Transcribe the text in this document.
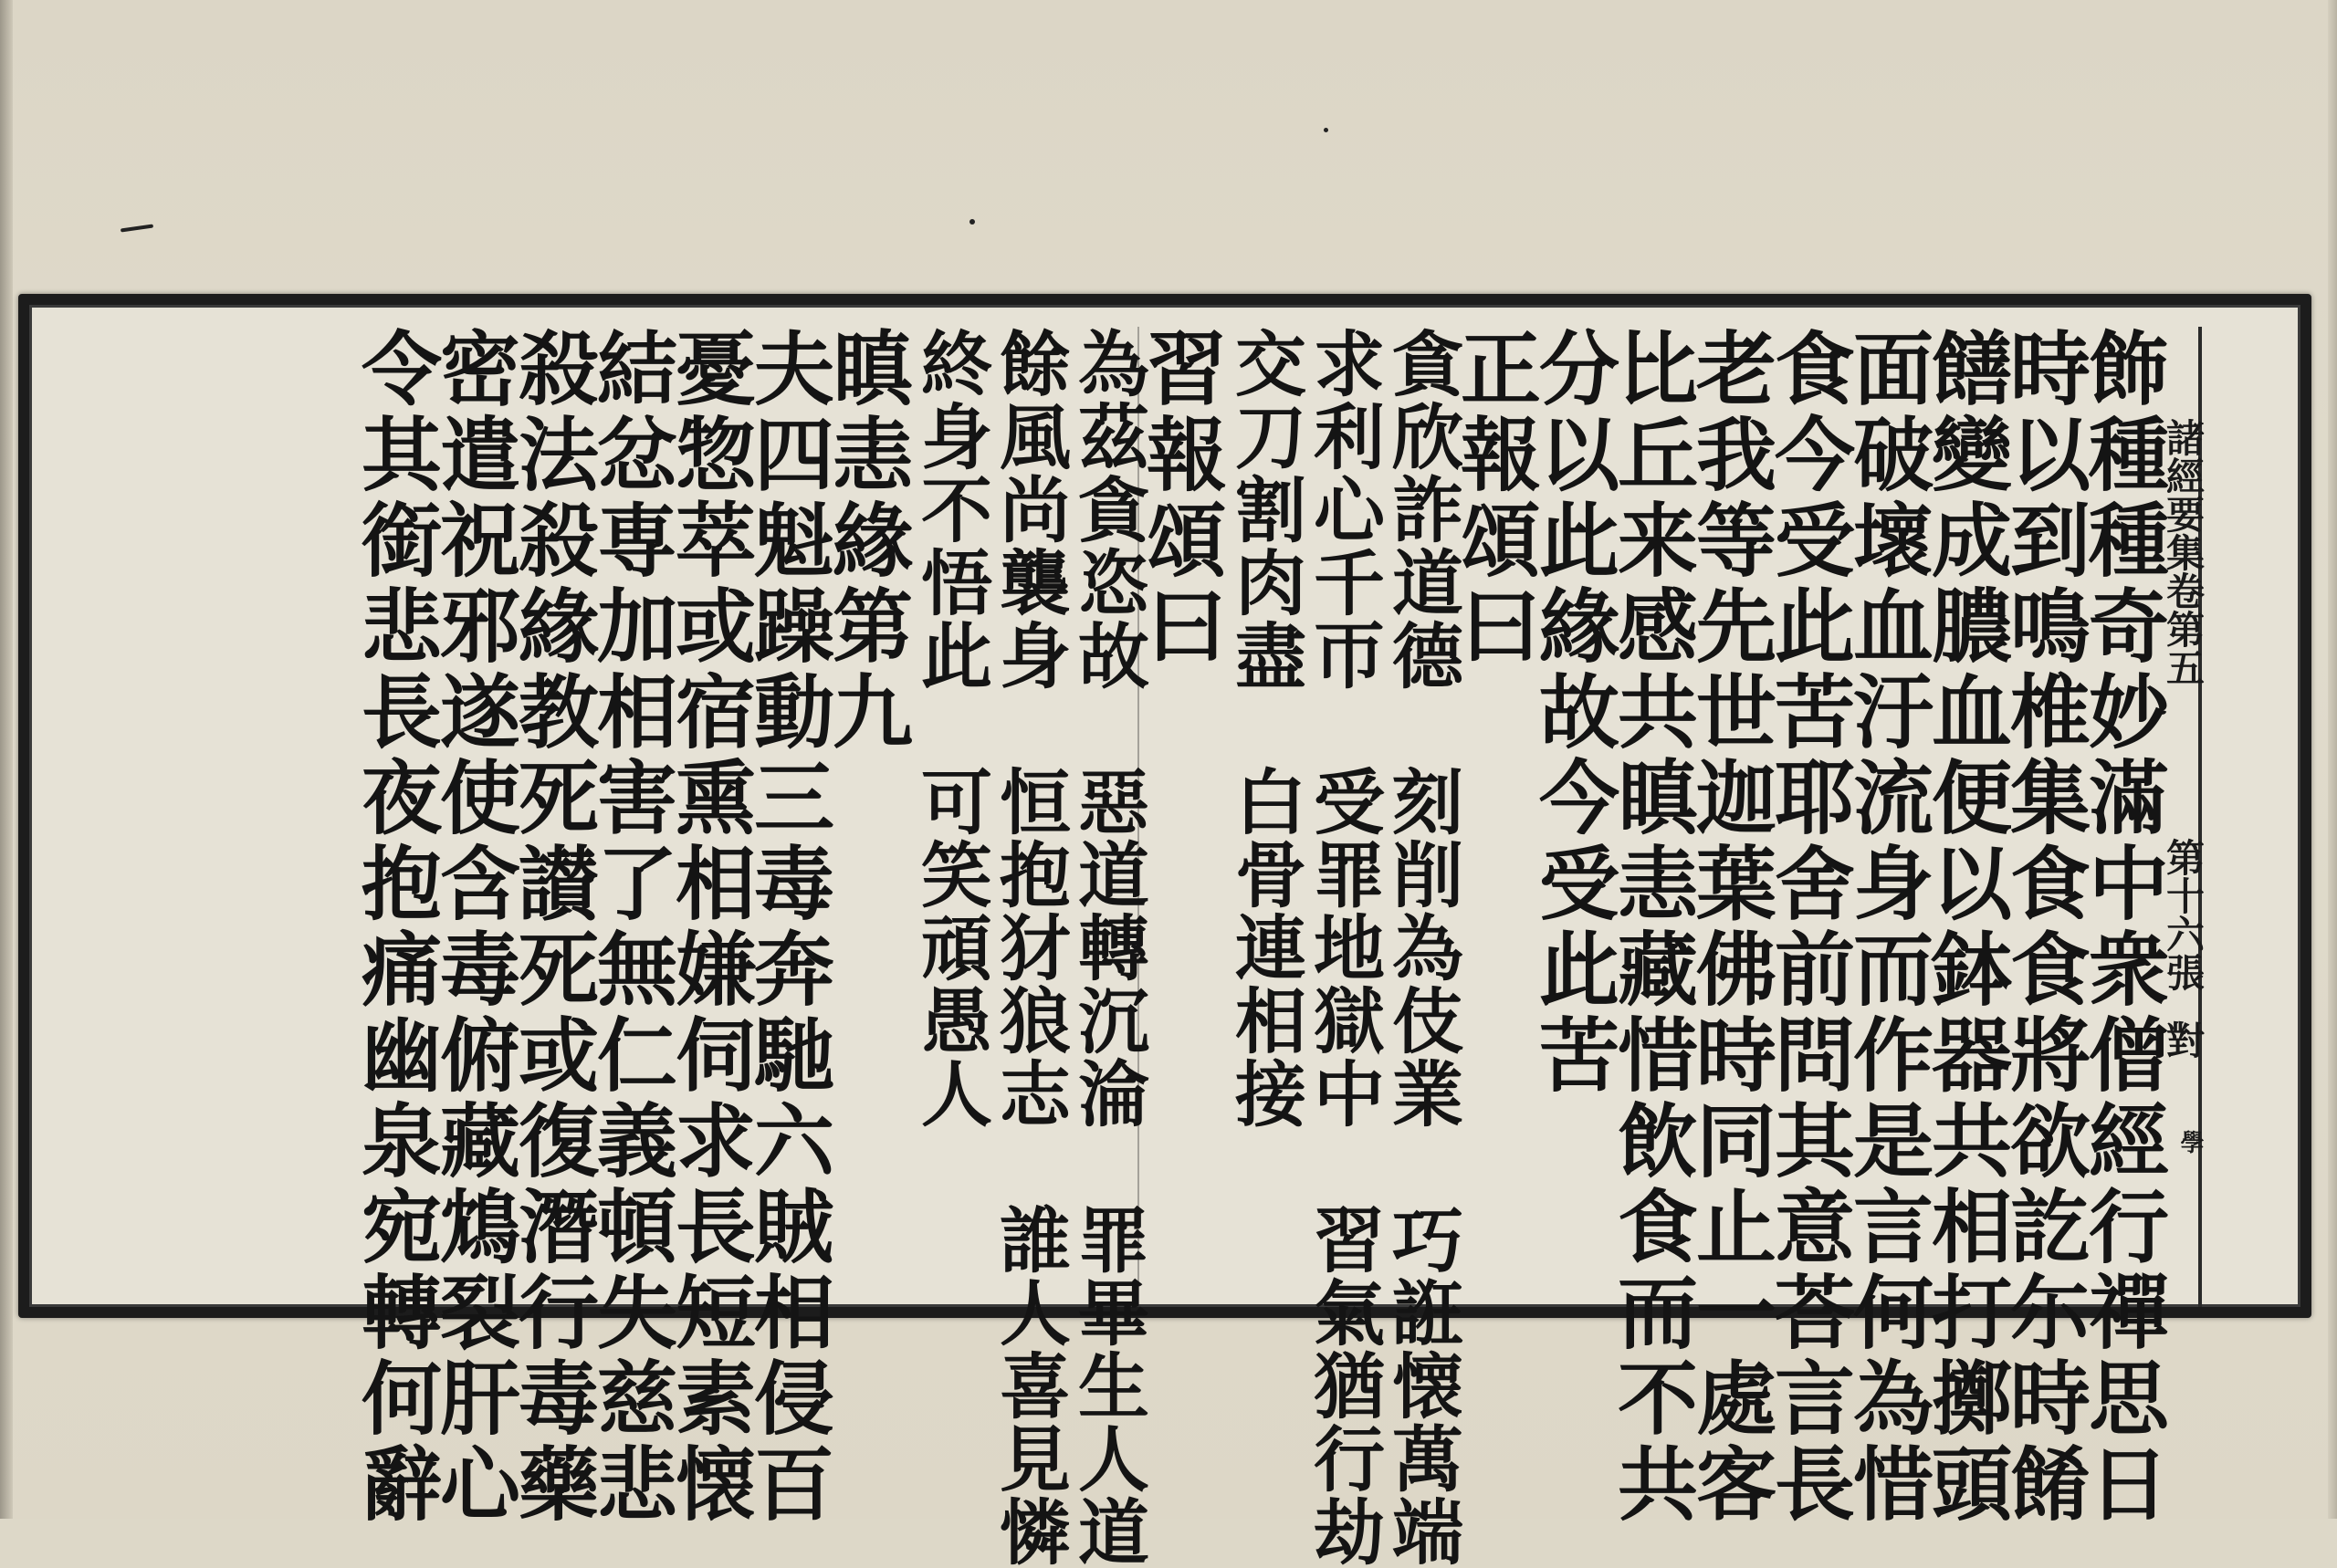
諸經要集卷第五
第十六張
對
學
飾種種奇妙滿中衆僧經行禪思日
時以到鳴椎集食食將欲訖尓時餚
饍變成膿血便以鉢器共相打擲頭
面破壞血汙流身而作是言何為惜
食今受此苦耶舍前問其意荅言長
老我等先世迦葉佛時同止一處客
比丘来感共瞋恚藏惜飲食而不共
分以此緣故今受此苦
正報頌曰
貪欣詐道德　刻削為伎業　巧誑懐萬端
求利心千帀　受罪地獄中　習氣猶行劫
交刀割肉盡　白骨連相接
習報頌曰
為茲貪恣故　惡道轉沉淪　罪畢生人道
餘風尚襲身　恒抱犲狼志　誰人喜見憐
終身不悟此　可笑頑愚人
瞋恚緣第九
夫四魁躁動三毒奔馳六賊相侵百
憂惣萃或宿熏相嫌伺求長短素懐
結忿専加相害了無仁義頓失慈悲
殺法殺緣教死讃死或復潛行毒藥
密遣祝邪遂使含毒俯藏鴆裂肝心
令其銜悲長夜抱痛幽泉宛轉何辭
